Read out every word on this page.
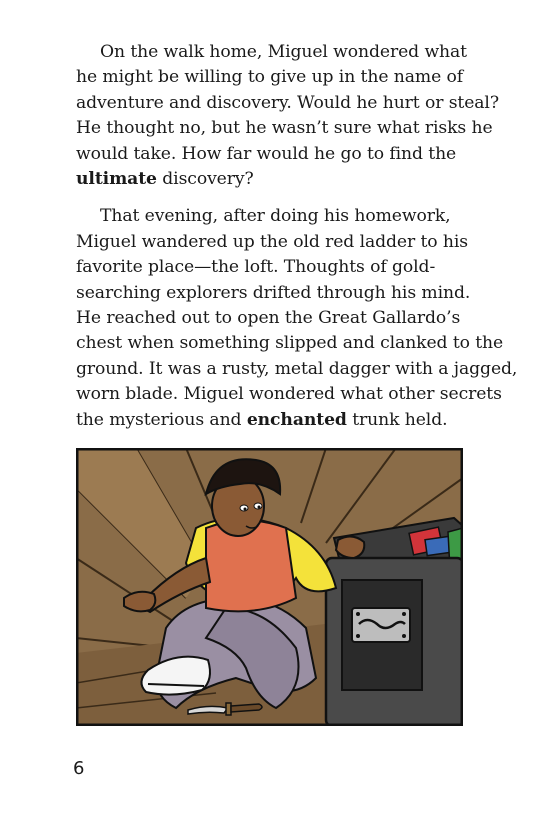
On the walk home, Miguel wondered what
he might be willing to give up in the name of
adventure and discovery. Would he hurt or steal?
He thought no, but he wasn’t sure what risks he
would take. How far would he go to find the
ultimate discovery?

That evening, after doing his homework,
Miguel wandered up the old red ladder to his
favorite place—the loft. Thoughts of gold-
searching explorers drifted through his mind.
He reached out to open the Great Gallardo’s
chest when something slipped and clanked to the
ground. It was a rusty, metal dagger with a jagged,
worn blade. Miguel wondered what other secrets
the mysterious and enchanted trunk held.

6
